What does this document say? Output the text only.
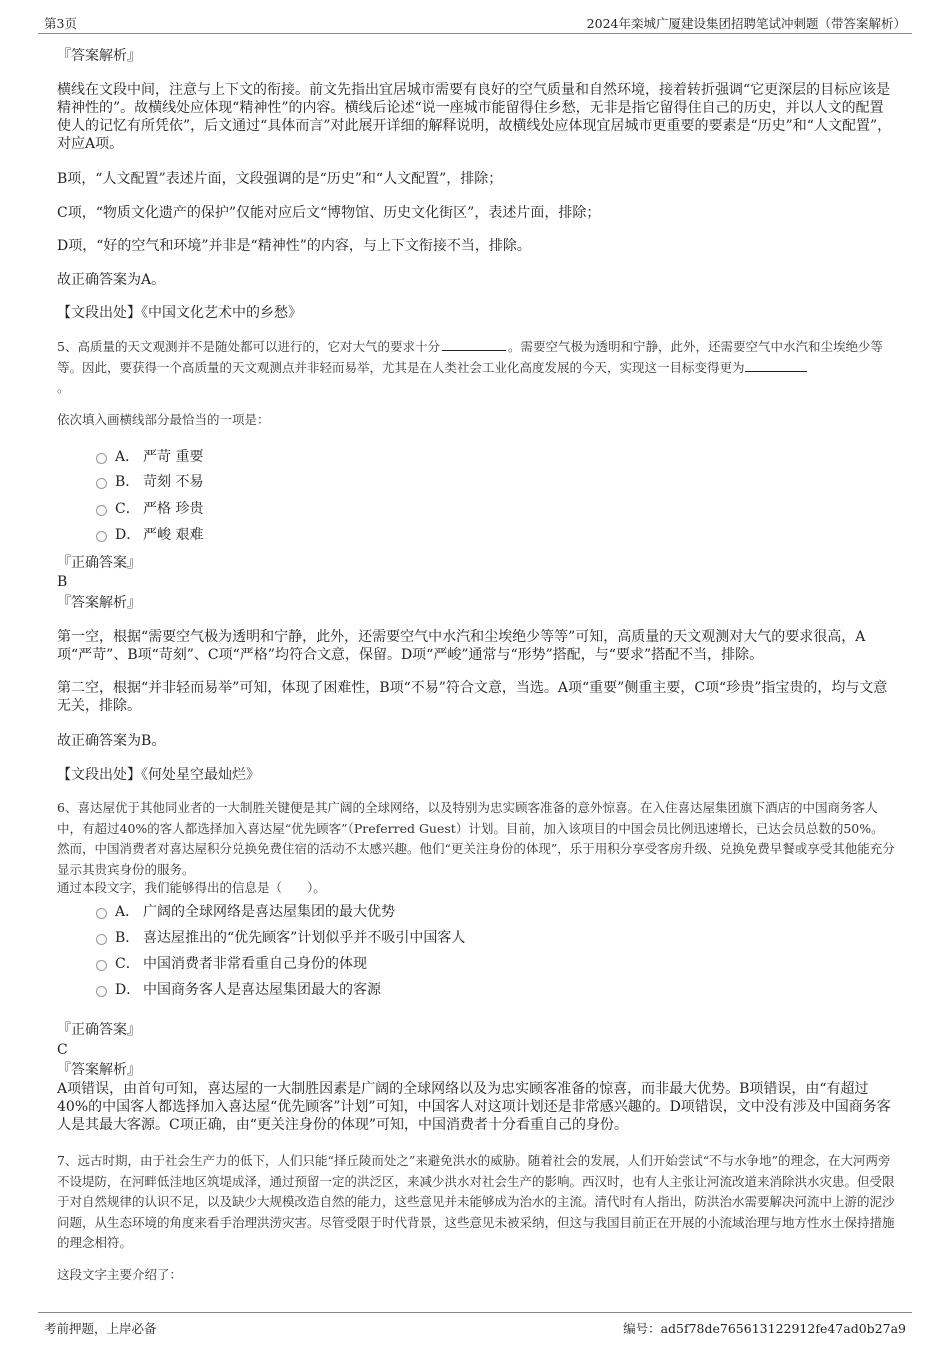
第3页	2024年栾城广厦建设集团招聘笔试冲刺题（带答案解析）

『答案解析』

横线在文段中间，注意与上下文的衔接。前文先指出宜居城市需要有良好的空气质量和自然环境，接着转折强调“它更深层的目标应该是精神性的”。故横线处应体现“精神性”的内容。横线后论述“说一座城市能留得住乡愁，无非是指它留得住自己的历史，并以人文的配置使人的记忆有所凭依”，后文通过“具体而言”对此展开详细的解释说明，故横线处应体现宜居城市更重要的要素是“历史”和“人文配置”，对应A项。

B项，“人文配置”表述片面，文段强调的是“历史”和“人文配置”，排除；

C项，“物质文化遗产的保护”仅能对应后文“博物馆、历史文化街区”，表述片面，排除；

D项，“好的空气和环境”并非是“精神性”的内容，与上下文衔接不当，排除。

故正确答案为A。

【文段出处】《中国文化艺术中的乡愁》

5、高质量的天文观测并不是随处都可以进行的，它对大气的要求十分	。需要空气极为透明和宁静，此外，还需要空气中水汽和尘埃绝少等等。因此，要获得一个高质量的天文观测点并非轻而易举，尤其是在人类社会工业化高度发展的今天，实现这一目标变得更为
。

依次填入画横线部分最恰当的一项是：

A． 严苛 重要
B． 苛刻 不易
C． 严格 珍贵
D． 严峻 艰难

『正确答案』

B

『答案解析』

第一空，根据“需要空气极为透明和宁静，此外，还需要空气中水汽和尘埃绝少等等”可知，高质量的天文观测对大气的要求很高，A项“严苛”、B项“苛刻”、C项“严格”均符合文意，保留。D项“严峻”通常与“形势”搭配，与“要求”搭配不当，排除。

第二空，根据“并非轻而易举”可知，体现了困难性，B项“不易”符合文意，当选。A项“重要”侧重主要，C项“珍贵”指宝贵的，均与文意无关，排除。

故正确答案为B。

【文段出处】《何处星空最灿烂》

6、喜达屋优于其他同业者的一大制胜关键便是其广阔的全球网络，以及特别为忠实顾客准备的意外惊喜。在入住喜达屋集团旗下酒店的中国商务客人中，有超过40%的客人都选择加入喜达屋“优先顾客”（Preferred Guest）计划。目前，加入该项目的中国会员比例迅速增长，已达会员总数的50%。然而，中国消费者对喜达屋积分兑换免费住宿的活动不太感兴趣。他们“更关注身份的体现”，乐于用积分享受客房升级、兑换免费早餐或享受其他能充分显示其贵宾身份的服务。

通过本段文字，我们能够得出的信息是（　　）。

A． 广阔的全球网络是喜达屋集团的最大优势
B． 喜达屋推出的“优先顾客”计划似乎并不吸引中国客人
C． 中国消费者非常看重自己身份的体现
D． 中国商务客人是喜达屋集团最大的客源

『正确答案』

C

『答案解析』

A项错误，由首句可知，喜达屋的一大制胜因素是广阔的全球网络以及为忠实顾客准备的惊喜，而非最大优势。B项错误，由“有超过40%的中国客人都选择加入喜达屋“优先顾客”计划”可知，中国客人对这项计划还是非常感兴趣的。D项错误，文中没有涉及中国商务客人是其最大客源。C项正确，由“更关注身份的体现”可知，中国消费者十分看重自己的身份。

7、远古时期，由于社会生产力的低下，人们只能“择丘陵而处之”来避免洪水的威胁。随着社会的发展，人们开始尝试“不与水争地”的理念，在大河两旁不设堤防，在河畔低洼地区筑堤成泽，通过预留一定的洪泛区，来减少洪水对社会生产的影响。西汉时，也有人主张让河流改道来消除洪水灾患。但受限于对自然规律的认识不足，以及缺少大规模改造自然的能力，这些意见并未能够成为治水的主流。清代时有人指出，防洪治水需要解决河流中上游的泥沙问题，从生态环境的角度来看手治理洪涝灾害。尽管受限于时代背景，这些意见未被采纳，但这与我国目前正在开展的小流域治理与地方性水土保持措施的理念相符。

这段文字主要介绍了：

考前押题，上岸必备	编号：ad5f78de765613122912fe47ad0b27a9
